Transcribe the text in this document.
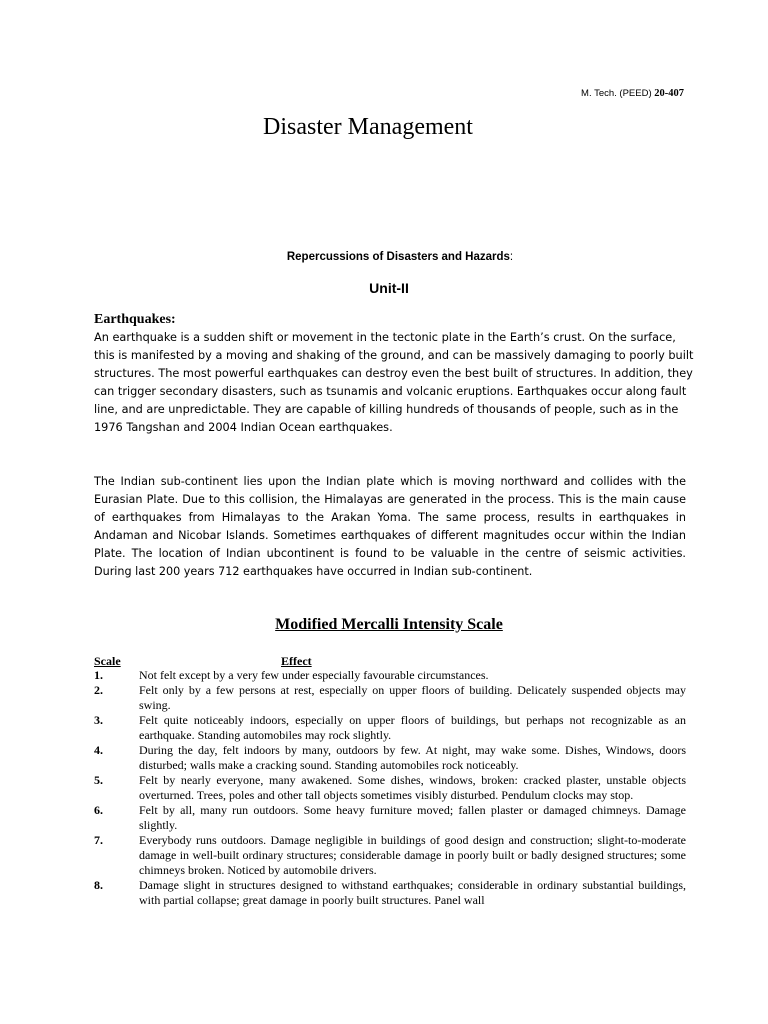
M. Tech. (PEED) 20-407
Disaster Management
Repercussions of Disasters and Hazards:
Unit-II
Earthquakes:
An earthquake is a sudden shift or movement in the tectonic plate in the Earth’s crust. On the surface, this is manifested by a moving and shaking of the ground, and can be massively damaging to poorly built structures. The most powerful earthquakes can destroy even the best built of structures. In addition, they can trigger secondary disasters, such as tsunamis and volcanic eruptions. Earthquakes occur along fault line, and are unpredictable. They are capable of killing hundreds of thousands of people, such as in the 1976 Tangshan and 2004 Indian Ocean earthquakes.
The Indian sub-continent lies upon the Indian plate which is moving northward and collides with the Eurasian Plate. Due to this collision, the Himalayas are generated in the process. This is the main cause of earthquakes from Himalayas to the Arakan Yoma. The same process, results in earthquakes in Andaman and Nicobar Islands. Sometimes earthquakes of different magnitudes occur within the Indian Plate. The location of Indian ubcontinent is found to be valuable in the centre of seismic activities. During last 200 years 712 earthquakes have occurred in Indian sub-continent.
Modified Mercalli Intensity Scale
Scale	Effect
1.	Not felt except by a very few under especially favourable circumstances.
2.	Felt only by a few persons at rest, especially on upper floors of building. Delicately suspended objects may swing.
3.	Felt quite noticeably indoors, especially on upper floors of buildings, but perhaps not recognizable as an earthquake. Standing automobiles may rock slightly.
4.	During the day, felt indoors by many, outdoors by few. At night, may wake some. Dishes, Windows, doors disturbed; walls make a cracking sound. Standing automobiles rock noticeably.
5.	Felt by nearly everyone, many awakened. Some dishes, windows, broken: cracked plaster, unstable objects overturned. Trees, poles and other tall objects sometimes visibly disturbed. Pendulum clocks may stop.
6.	Felt by all, many run outdoors. Some heavy furniture moved; fallen plaster or damaged chimneys. Damage slightly.
7.	Everybody runs outdoors. Damage negligible in buildings of good design and construction; slight-to-moderate damage in well-built ordinary structures; considerable damage in poorly built or badly designed structures; some chimneys broken. Noticed by automobile drivers.
8.	Damage slight in structures designed to withstand earthquakes; considerable in ordinary substantial buildings, with partial collapse; great damage in poorly built structures. Panel wall
